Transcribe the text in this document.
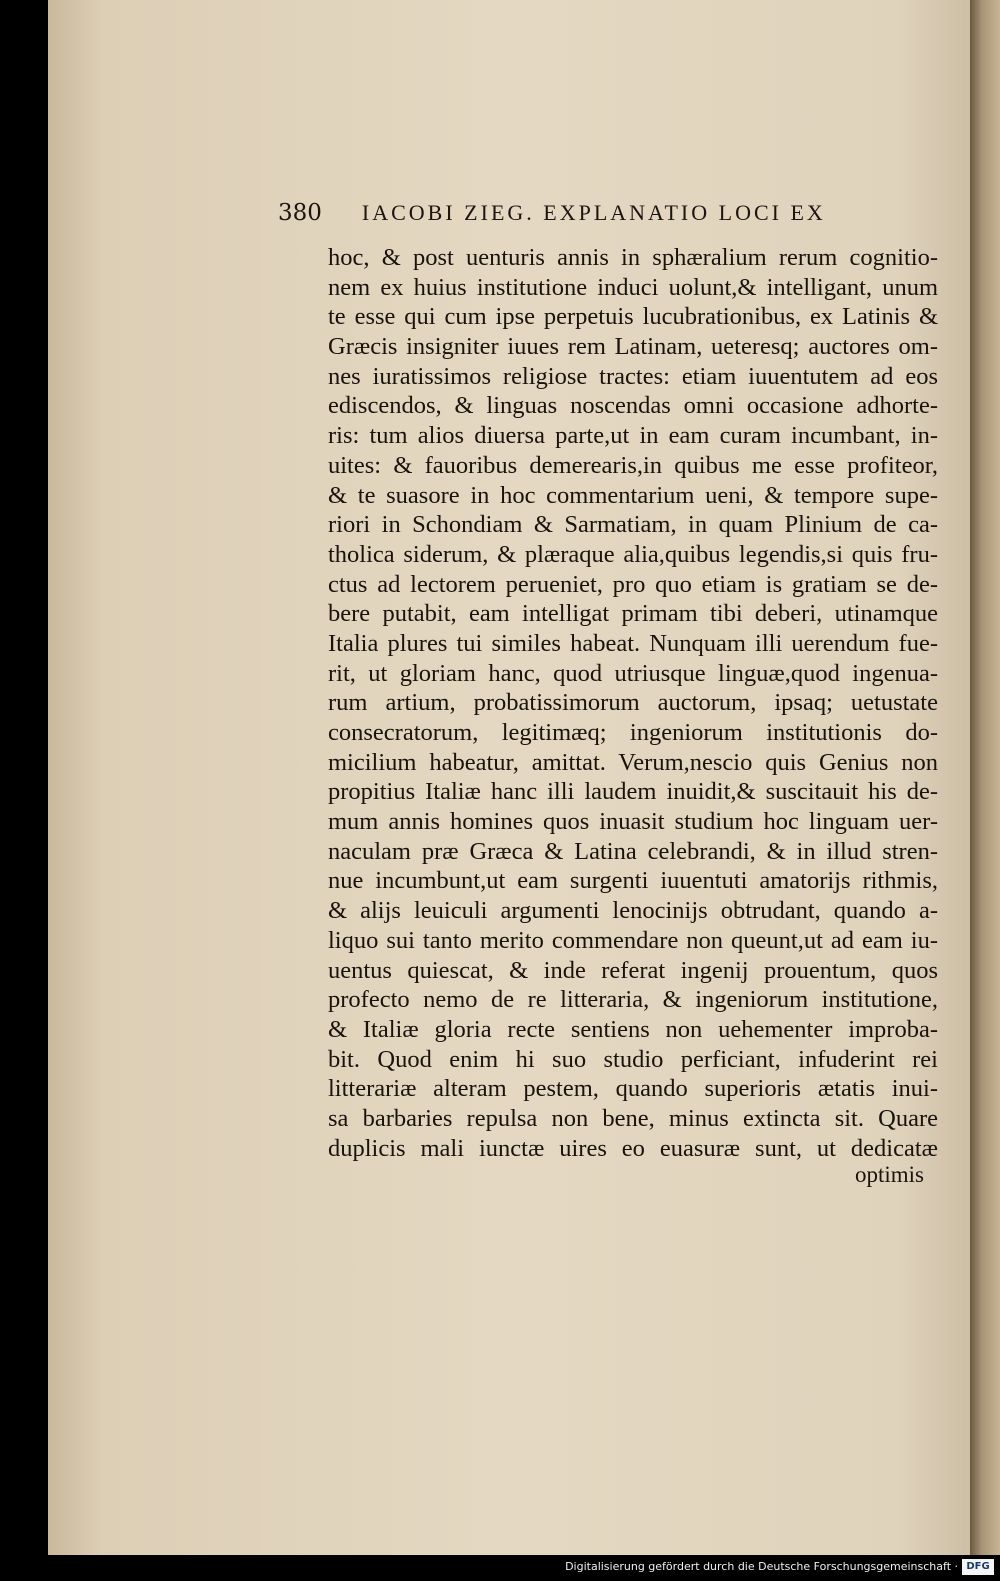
380 IACOBI ZIEG. EXPLANATIO LOCI EX
hoc, & post uenturis annis in sphæralium rerum cognitio-
nem ex huius institutione induci uolunt,& intelligant, unum
te esse qui cum ipse perpetuis lucubrationibus, ex Latinis &
Græcis insigniter iuues rem Latinam, ueteresq; auctores om-
nes iuratissimos religiose tractes: etiam iuuentutem ad eos
ediscendos, & linguas noscendas omni occasione adhorte-
ris: tum alios diuersa parte,ut in eam curam incumbant, in-
uites: & fauoribus demerearis,in quibus me esse profiteor,
& te suasore in hoc commentarium ueni, & tempore supe-
riori in Schondiam & Sarmatiam, in quam Plinium de ca-
tholica siderum, & plæraque alia,quibus legendis,si quis fru-
ctus ad lectorem perueniet, pro quo etiam is gratiam se de-
bere putabit, eam intelligat primam tibi deberi, utinamque
Italia plures tui similes habeat. Nunquam illi uerendum fue-
rit, ut gloriam hanc, quod utriusque linguæ,quod ingenua-
rum artium, probatissimorum auctorum, ipsaq; uetustate
consecratorum, legitimæq; ingeniorum institutionis do-
micilium habeatur, amittat. Verum,nescio quis Genius non
propitius Italiæ hanc illi laudem inuidit,& suscitauit his de-
mum annis homines quos inuasit studium hoc linguam uer-
naculam præ Græca & Latina celebrandi, & in illud stren-
nue incumbunt,ut eam surgenti iuuentuti amatorijs rithmis,
& alijs leuiculi argumenti lenocinijs obtrudant, quando a-
liquo sui tanto merito commendare non queunt,ut ad eam iu-
uentus quiescat, & inde referat ingenij prouentum, quos
profecto nemo de re litteraria, & ingeniorum institutione,
& Italiæ gloria recte sentiens non uehementer improba-
bit. Quod enim hi suo studio perficiant, infuderint rei
litterariæ alteram pestem, quando superioris ætatis inui-
sa barbaries repulsa non bene, minus extincta sit. Quare
duplicis mali iunctæ uires eo euasuræ sunt, ut dedicatæ
optimis
Digitalisierung gefördert durch die Deutsche Forschungsgemeinschaft · DFG
